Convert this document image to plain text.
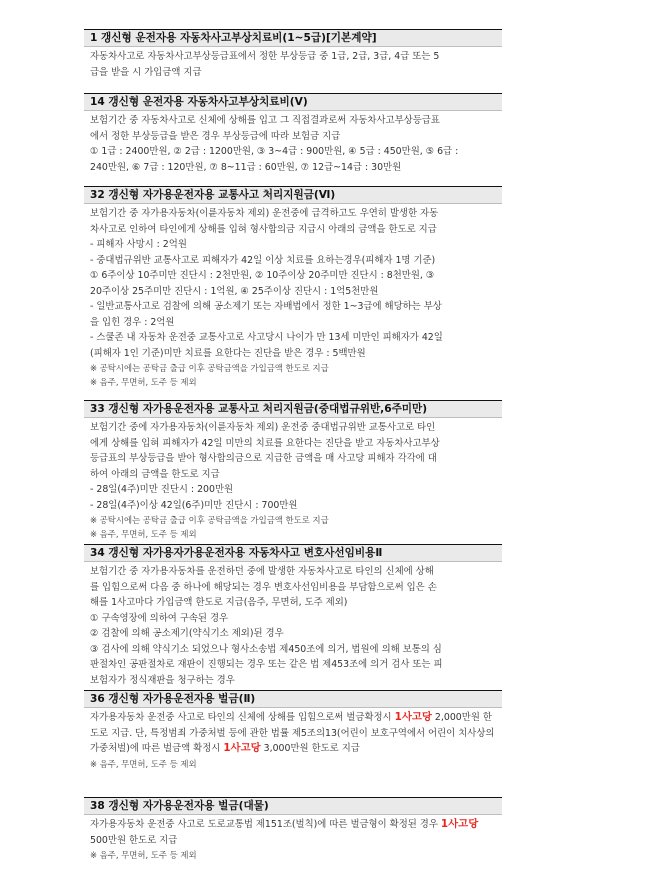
1 갱신형 운전자용 자동차사고부상치료비(1~5급)[기본계약]

자동차사고로 자동차사고부상등급표에서 정한 부상등급 중 1급, 2급, 3급, 4급 또는 5

급을 받을 시 가입금액 지급

14 갱신형 운전자용 자동차사고부상치료비(Ⅴ)

보험기간 중 자동차사고로 신체에 상해를 입고 그 직접결과로써 자동차사고부상등급표

에서 정한 부상등급을 받은 경우 부상등급에 따라 보험금 지급

① 1급 : 2400만원, ② 2급 : 1200만원, ③ 3~4급 : 900만원, ④ 5급 : 450만원, ⑤ 6급 :

240만원, ⑥ 7급 : 120만원, ⑦ 8~11급 : 60만원, ⑦ 12급~14급 : 30만원

32 갱신형 자가용운전자용 교통사고 처리지원금(Ⅵ)

보험기간 중 자가용자동차(이륜자동차 제외) 운전중에 급격하고도 우연히 발생한 자동

차사고로 인하여 타인에게 상해를 입혀 형사합의금 지급시 아래의 금액을 한도로 지급

- 피해자 사망시 : 2억원

- 중대법규위반 교통사고로 피해자가 42일 이상 치료를 요하는경우(피해자 1명 기준)

① 6주이상 10주미만 진단시 : 2천만원, ② 10주이상 20주미만 진단시 : 8천만원, ③

20주이상 25주미만 진단시 : 1억원, ④ 25주이상 진단시 : 1억5천만원

- 일반교통사고로 검찰에 의해 공소제기 또는 자배법에서 정한 1~3급에 해당하는 부상

을 입힌 경우 : 2억원

- 스쿨존 내 자동차 운전중 교통사고로 사고당시 나이가 만 13세 미만인 피해자가 42일

(피해자 1인 기준)미만 치료를 요한다는 진단을 받은 경우 : 5백만원

※ 공탁시에는 공탁금 출급 이후 공탁금액을 가입금액 한도로 지급

※ 음주, 무면허, 도주 등 제외

33 갱신형 자가용운전자용 교통사고 처리지원금(중대법규위반,6주미만)

보험기간 중에 자가용자동차(이륜자동차 제외) 운전중 중대법규위반 교통사고로 타인

에게 상해를 입혀 피해자가 42일 미만의 치료를 요한다는 진단을 받고 자동차사고부상

등급표의 부상등급을 받아 형사합의금으로 지급한 금액을 매 사고당 피해자 각각에 대

하여 아래의 금액을 한도로 지급

- 28일(4주)미만 진단시 : 200만원

- 28일(4주)이상 42일(6주)미만 진단시 : 700만원

※ 공탁시에는 공탁금 출급 이후 공탁금액을 가입금액 한도로 지급

※ 음주, 무면허, 도주 등 제외

34 갱신형 자가용자가용운전자용 자동차사고 변호사선임비용Ⅱ

보험기간 중 자가용자동차를 운전하던 중에 발생한 자동차사고로 타인의 신체에 상해

를 입힘으로써 다음 중 하나에 해당되는 경우 변호사선임비용을 부담함으로써 입은 손

해를 1사고마다 가입금액 한도로 지급(음주, 무면허, 도주 제외)

① 구속영장에 의하여 구속된 경우

② 검찰에 의해 공소제기(약식기소 제외)된 경우

③ 검사에 의해 약식기소 되었으나 형사소송법 제450조에 의거, 법원에 의해 보통의 심

판절차인 공판절차로 재판이 진행되는 경우 또는 같은 법 제453조에 의거 검사 또는 피

보험자가 정식재판을 청구하는 경우

36 갱신형 자가용운전자용 벌금(Ⅱ)

자가용자동차 운전중 사고로 타인의 신체에 상해를 입힘으로써 벌금확정시 1사고당 2,000만원 한도로 지급. 단, 특정범죄 가중처벌 등에 관한 법률 제5조의13(어린이 보호구역에서 어린이 치사상의 가중처벌)에 따른 벌금액 확정시 1사고당 3,000만원 한도로 지급

※ 음주, 무면허, 도주 등 제외

38 갱신형 자가용운전자용 벌금(대물)

자가용자동차 운전중 사고로 도로교통법 제151조(벌칙)에 따른 벌금형이 확정된 경우 1사고당 500만원 한도로 지급

※ 음주, 무면허, 도주 등 제외
